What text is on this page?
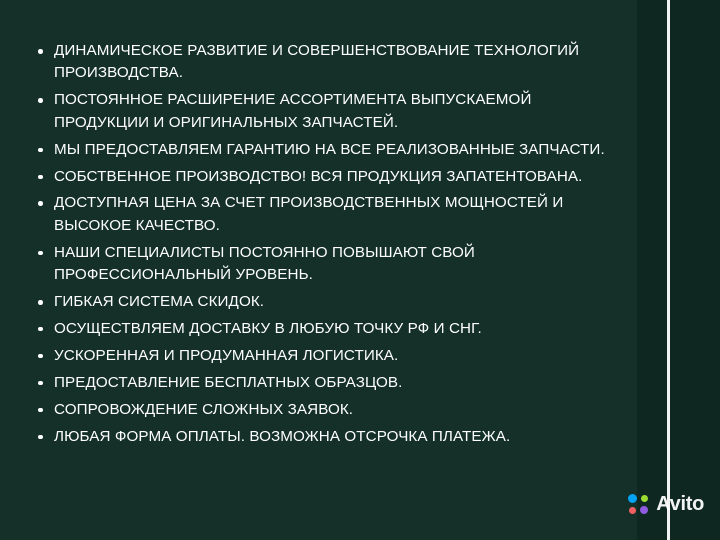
ДИНАМИЧЕСКОЕ РАЗВИТИЕ И СОВЕРШЕНСТВОВАНИЕ ТЕХНОЛОГИЙ ПРОИЗВОДСТВА.
ПОСТОЯННОЕ РАСШИРЕНИЕ АССОРТИМЕНТА ВЫПУСКАЕМОЙ ПРОДУКЦИИ И ОРИГИНАЛЬНЫХ ЗАПЧАСТЕЙ.
МЫ ПРЕДОСТАВЛЯЕМ ГАРАНТИЮ НА ВСЕ РЕАЛИЗОВАННЫЕ ЗАПЧАСТИ.
СОБСТВЕННОЕ ПРОИЗВОДСТВО! ВСЯ ПРОДУКЦИЯ ЗАПАТЕНТОВАНА.
ДОСТУПНАЯ ЦЕНА ЗА СЧЕТ ПРОИЗВОДСТВЕННЫХ МОЩНОСТЕЙ И ВЫСОКОЕ КАЧЕСТВО.
НАШИ СПЕЦИАЛИСТЫ ПОСТОЯННО ПОВЫШАЮТ СВОЙ ПРОФЕССИОНАЛЬНЫЙ УРОВЕНЬ.
ГИБКАЯ СИСТЕМА СКИДОК.
ОСУЩЕСТВЛЯЕМ ДОСТАВКУ В ЛЮБУЮ ТОЧКУ РФ И СНГ.
УСКОРЕННАЯ И ПРОДУМАННАЯ ЛОГИСТИКА.
ПРЕДОСТАВЛЕНИЕ БЕСПЛАТНЫХ ОБРАЗЦОВ.
СОПРОВОЖДЕНИЕ СЛОЖНЫХ ЗАЯВОК.
ЛЮБАЯ ФОРМА ОПЛАТЫ. ВОЗМОЖНА ОТСРОЧКА ПЛАТЕЖА.
Avito
